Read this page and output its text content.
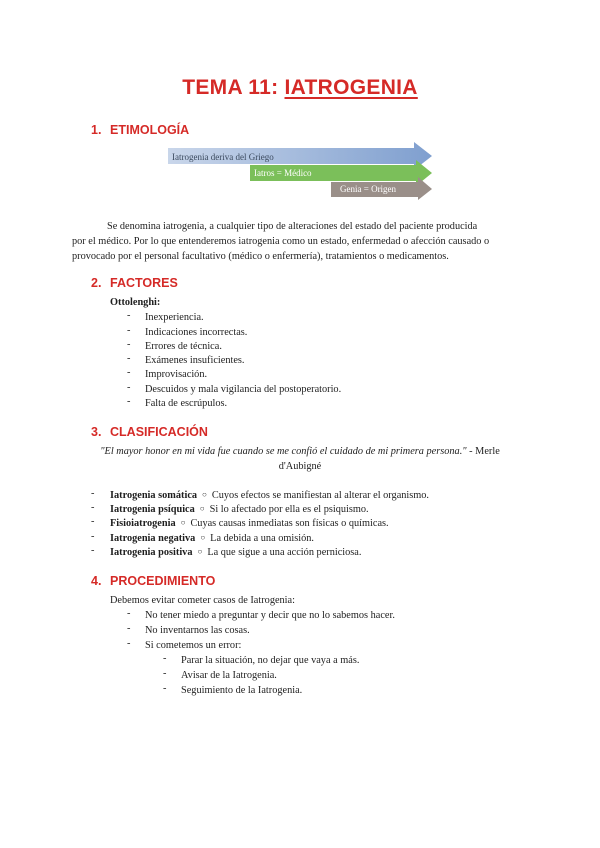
TEMA 11: IATROGENIA
1. ETIMOLOGÍA
Iatrogenia deriva del Griego
Iatros = Médico
Genia = Origen
Se denomina iatrogenia, a cualquier tipo de alteraciones del estado del paciente producida
por el médico. Por lo que entenderemos iatrogenia como un estado, enfermedad o afección causado o
provocado por el personal facultativo (médico o enfermería), tratamientos o medicamentos.
2. FACTORES
Ottolenghi:
- Inexperiencia.
- Indicaciones incorrectas.
- Errores de técnica.
- Exámenes insuficientes.
- Improvisación.
- Descuidos y mala vigilancia del postoperatorio.
- Falta de escrúpulos.
3. CLASIFICACIÓN
"El mayor honor en mi vida fue cuando se me confió el cuidado de mi primera persona." - Merle
d'Aubigné
- Iatrogenia somática ○ Cuyos efectos se manifiestan al alterar el organismo.
- Iatrogenia psíquica ○ Si lo afectado por ella es el psiquismo.
- Fisioiatrogenia ○ Cuyas causas inmediatas son físicas o químicas.
- Iatrogenia negativa ○ La debida a una omisión.
- Iatrogenia positiva ○ La que sigue a una acción perniciosa.
4. PROCEDIMIENTO
Debemos evitar cometer casos de Iatrogenia:
- No tener miedo a preguntar y decir que no lo sabemos hacer.
- No inventarnos las cosas.
- Si cometemos un error:
- Parar la situación, no dejar que vaya a más.
- Avisar de la Iatrogenia.
- Seguimiento de la Iatrogenia.
